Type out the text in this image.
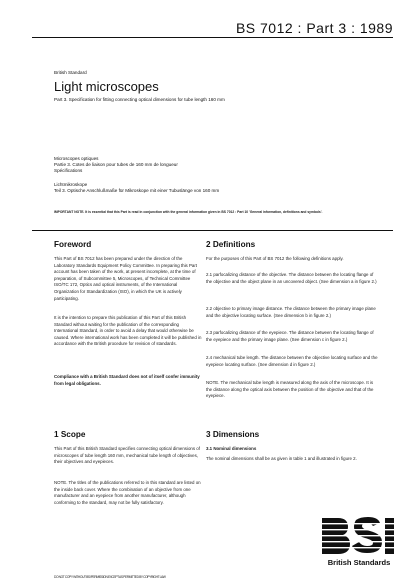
BS 7012 : Part 3 : 1989
British Standard
Light microscopes
Part 3. Specification for fitting connecting optical dimensions for tube length 160 mm
Microscopes optiques
Partie 3. Cotes de liaison pour tubes de 160 mm de longueur
Spécifications
Lichtmikroskope
Teil 3. Optische Anschlußmaße für Mikroskope mit einer Tubuslänge von 160 mm
IMPORTANT NOTE. It is essential that this Part is read in conjunction with the general information given in BS 7012 : Part 10 'General information, definitions and symbols'.
Foreword
This Part of BS 7012 has been prepared under the direction of the Laboratory Standards Equipment Policy Committee. In preparing this Part account has been taken of the work, at present incomplete, at the time of preparation, of Subcommittee 5, Microscopes, of Technical Committee ISO/TC 172, Optics and optical instruments, of the International Organization for Standardization (ISO), in which the UK is actively participating.
It is the intention to prepare this publication of this Part of this British Standard without waiting for the publication of the corresponding International Standard, in order to avoid a delay that would otherwise be caused. Where international work has been completed it will be published in accordance with the British procedure for revision of standards.
Compliance with a British Standard does not of itself confer immunity from legal obligations.
1 Scope
This Part of this British Standard specifies connecting optical dimensions of microscopes of tube length 160 mm, mechanical tube length of objectives, their objectives and eyepieces.
NOTE. The titles of the publications referred to in this standard are listed on the inside back cover. Where the combination of an objective from one manufacturer and an eyepiece from another manufacturer, although conforming to the standard, may not be fully satisfactory.
2 Definitions
For the purposes of this Part of BS 7012 the following definitions apply.
2.1 parfocalizing distance of the objective. The distance between the locating flange of the objective and the object plane in an uncovered object. (See dimension a in figure 2.)
2.2 objective to primary image distance. The distance between the primary image plane and the objective locating surface. (See dimension b in figure 2.)
2.3 parfocalizing distance of the eyepiece. The distance between the locating flange of the eyepiece and the primary image plane. (See dimension c in figure 2.)
2.4 mechanical tube length. The distance between the objective locating surface and the eyepiece locating surface. (See dimension d in figure 2.)
NOTE. The mechanical tube length is measured along the axis of the microscope. It is the distance along the optical axis between the position of the objective and that of the eyepiece.
3 Dimensions
3.1 Nominal dimensions
The nominal dimensions shall be as given in table 1 and illustrated in figure 2.
British Standards
DO NOT COPY WITHOUT BSI PERMISSION EXCEPT AS PERMITTED BY COPYRIGHT LAW
